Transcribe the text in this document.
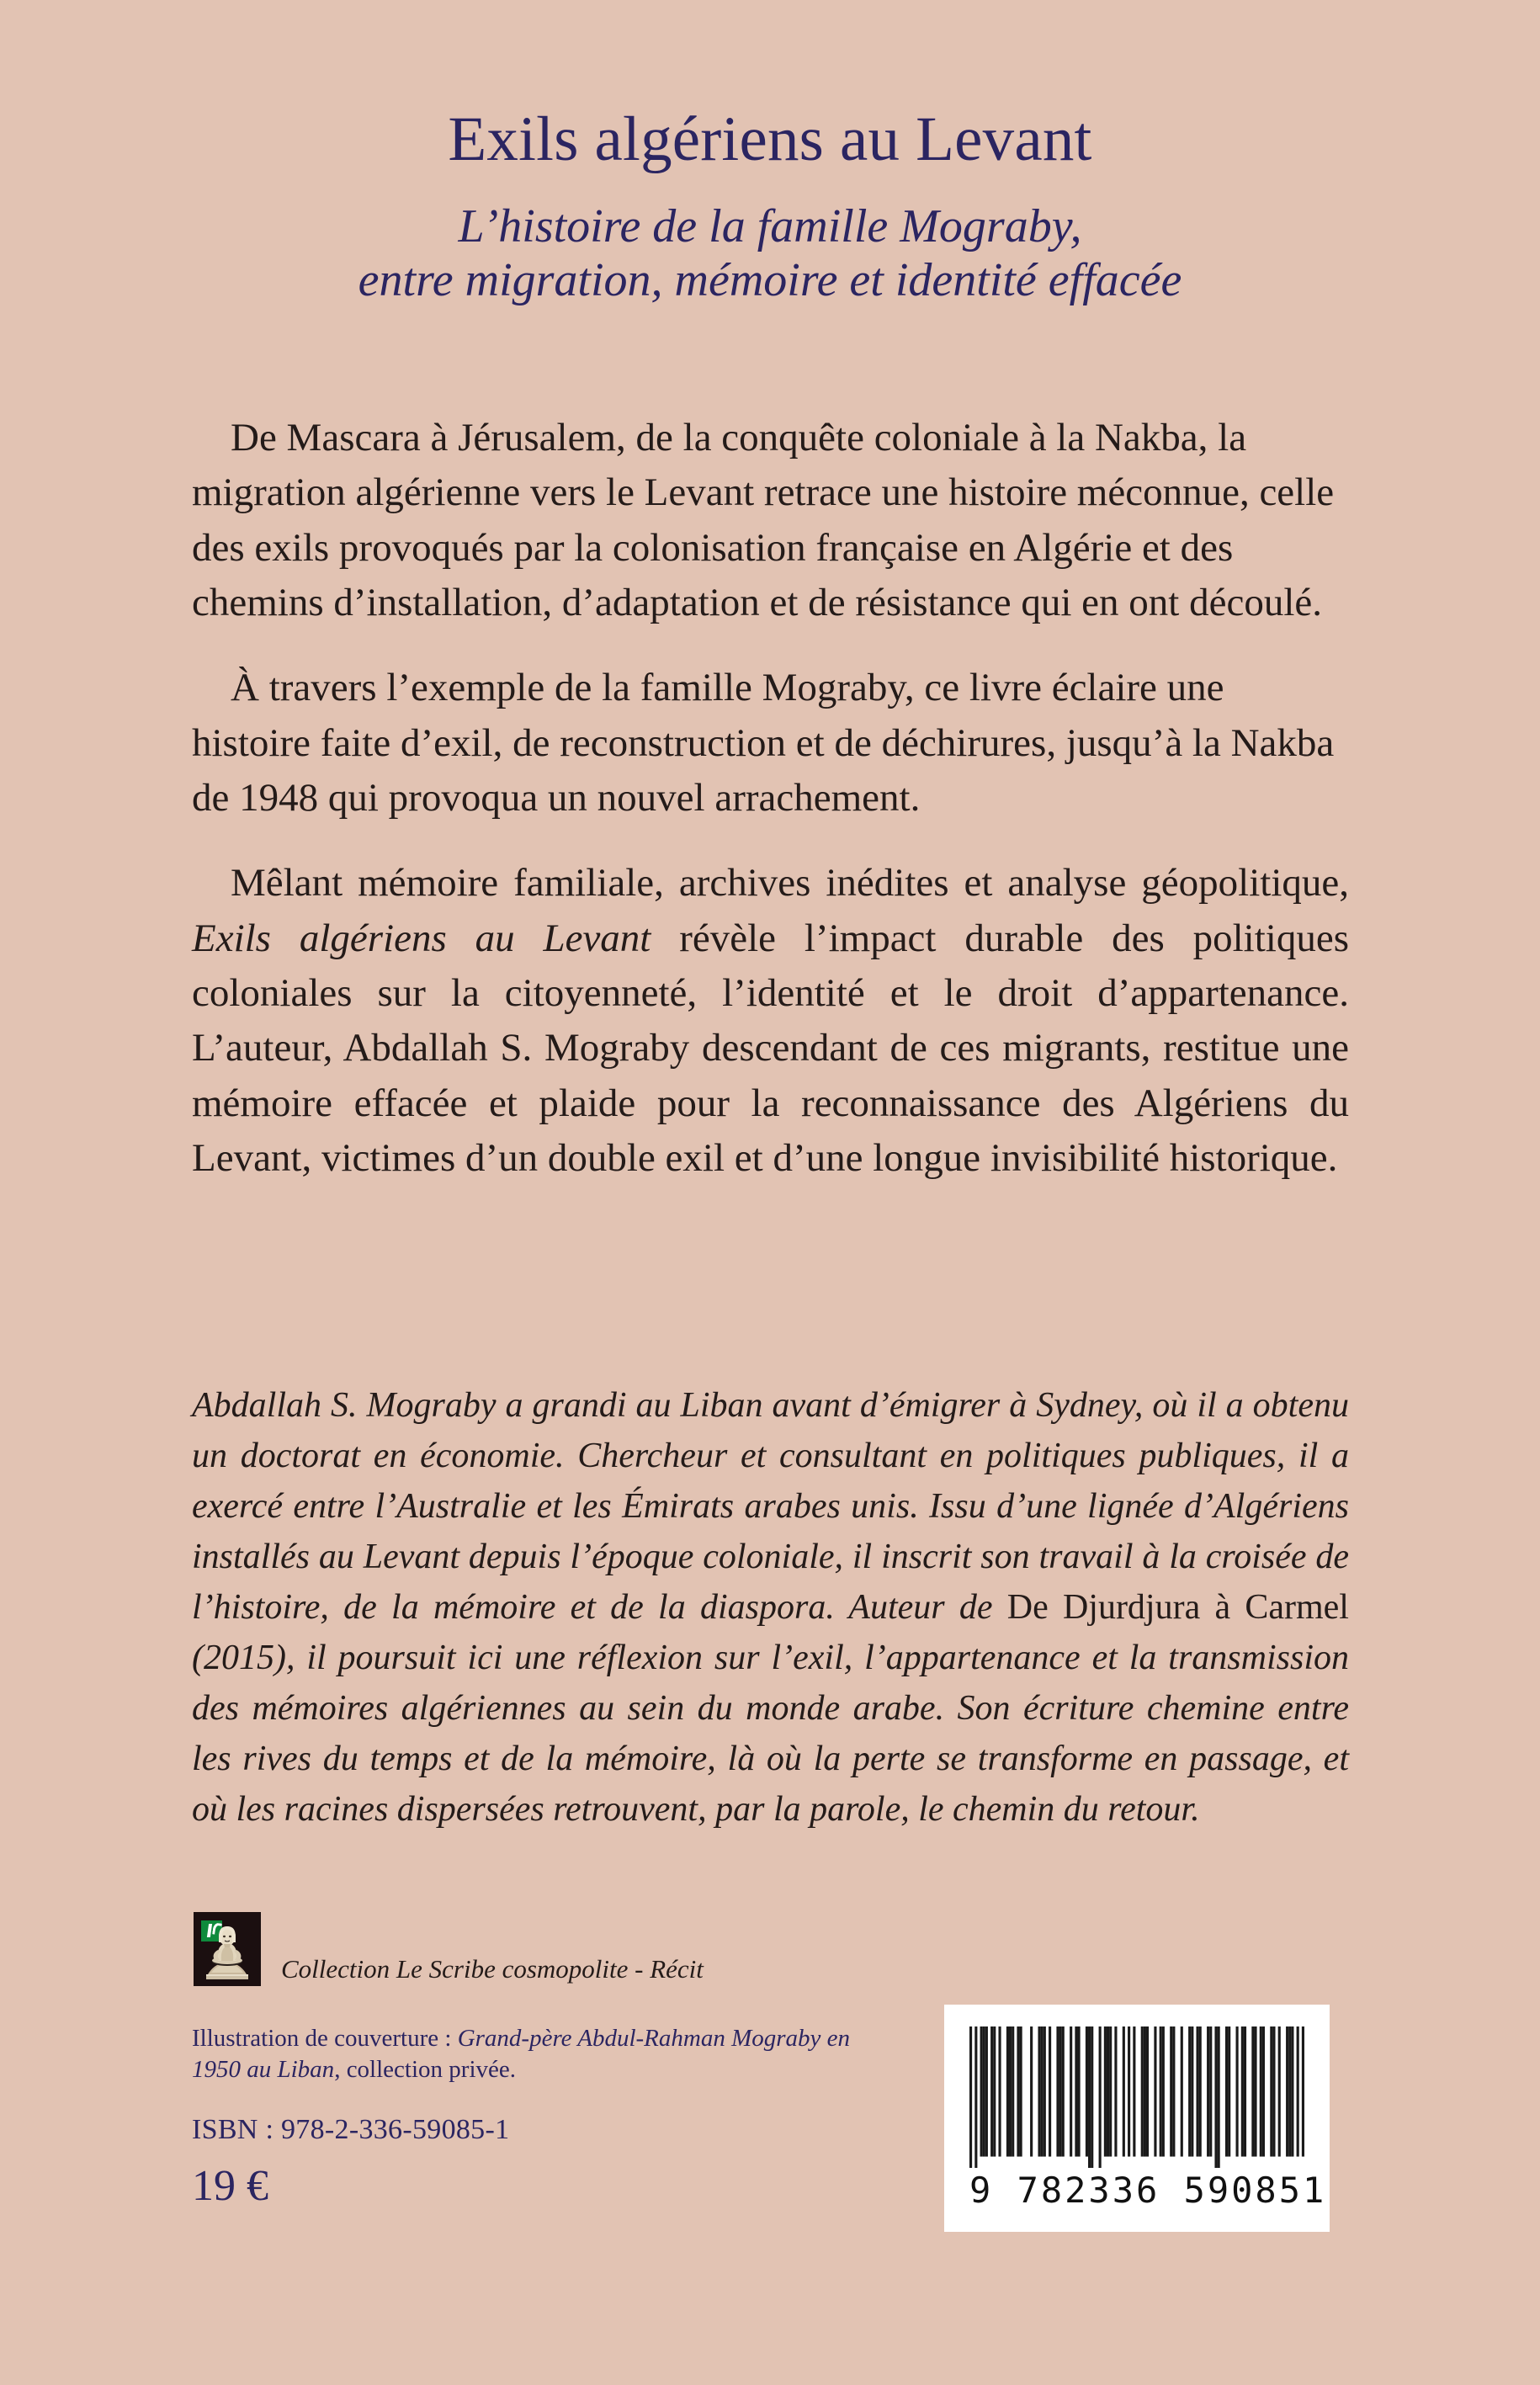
Exils algériens au Levant
L’histoire de la famille Mograby,
entre migration, mémoire et identité effacée

De Mascara à Jérusalem, de la conquête coloniale à la Nakba, la migration algérienne vers le Levant retrace une histoire méconnue, celle des exils provoqués par la colonisation française en Algérie et des chemins d’installation, d’adaptation et de résistance qui en ont découlé.

À travers l’exemple de la famille Mograby, ce livre éclaire une histoire faite d’exil, de reconstruction et de déchirures, jusqu’à la Nakba de 1948 qui provoqua un nouvel arrachement.

Mêlant mémoire familiale, archives inédites et analyse géopolitique, Exils algériens au Levant révèle l’impact durable des politiques coloniales sur la citoyenneté, l’identité et le droit d’appartenance. L’auteur, Abdallah S. Mograby descendant de ces migrants, restitue une mémoire effacée et plaide pour la reconnaissance des Algériens du Levant, victimes d’un double exil et d’une longue invisibilité historique.

Abdallah S. Mograby a grandi au Liban avant d’émigrer à Sydney, où il a obtenu un doctorat en économie. Chercheur et consultant en politiques publiques, il a exercé entre l’Australie et les Émirats arabes unis. Issu d’une lignée d’Algériens installés au Levant depuis l’époque coloniale, il inscrit son travail à la croisée de l’histoire, de la mémoire et de la diaspora. Auteur de De Djurdjura à Carmel (2015), il poursuit ici une réflexion sur l’exil, l’appartenance et la transmission des mémoires algériennes au sein du monde arabe. Son écriture chemine entre les rives du temps et de la mémoire, là où la perte se transforme en passage, et où les racines dispersées retrouvent, par la parole, le chemin du retour.
Collection Le Scribe cosmopolite - Récit

Illustration de couverture : Grand-père Abdul-Rahman Mograby en 1950 au Liban, collection privée.

ISBN : 978-2-336-59085-1

19 €	9 782336 590851
